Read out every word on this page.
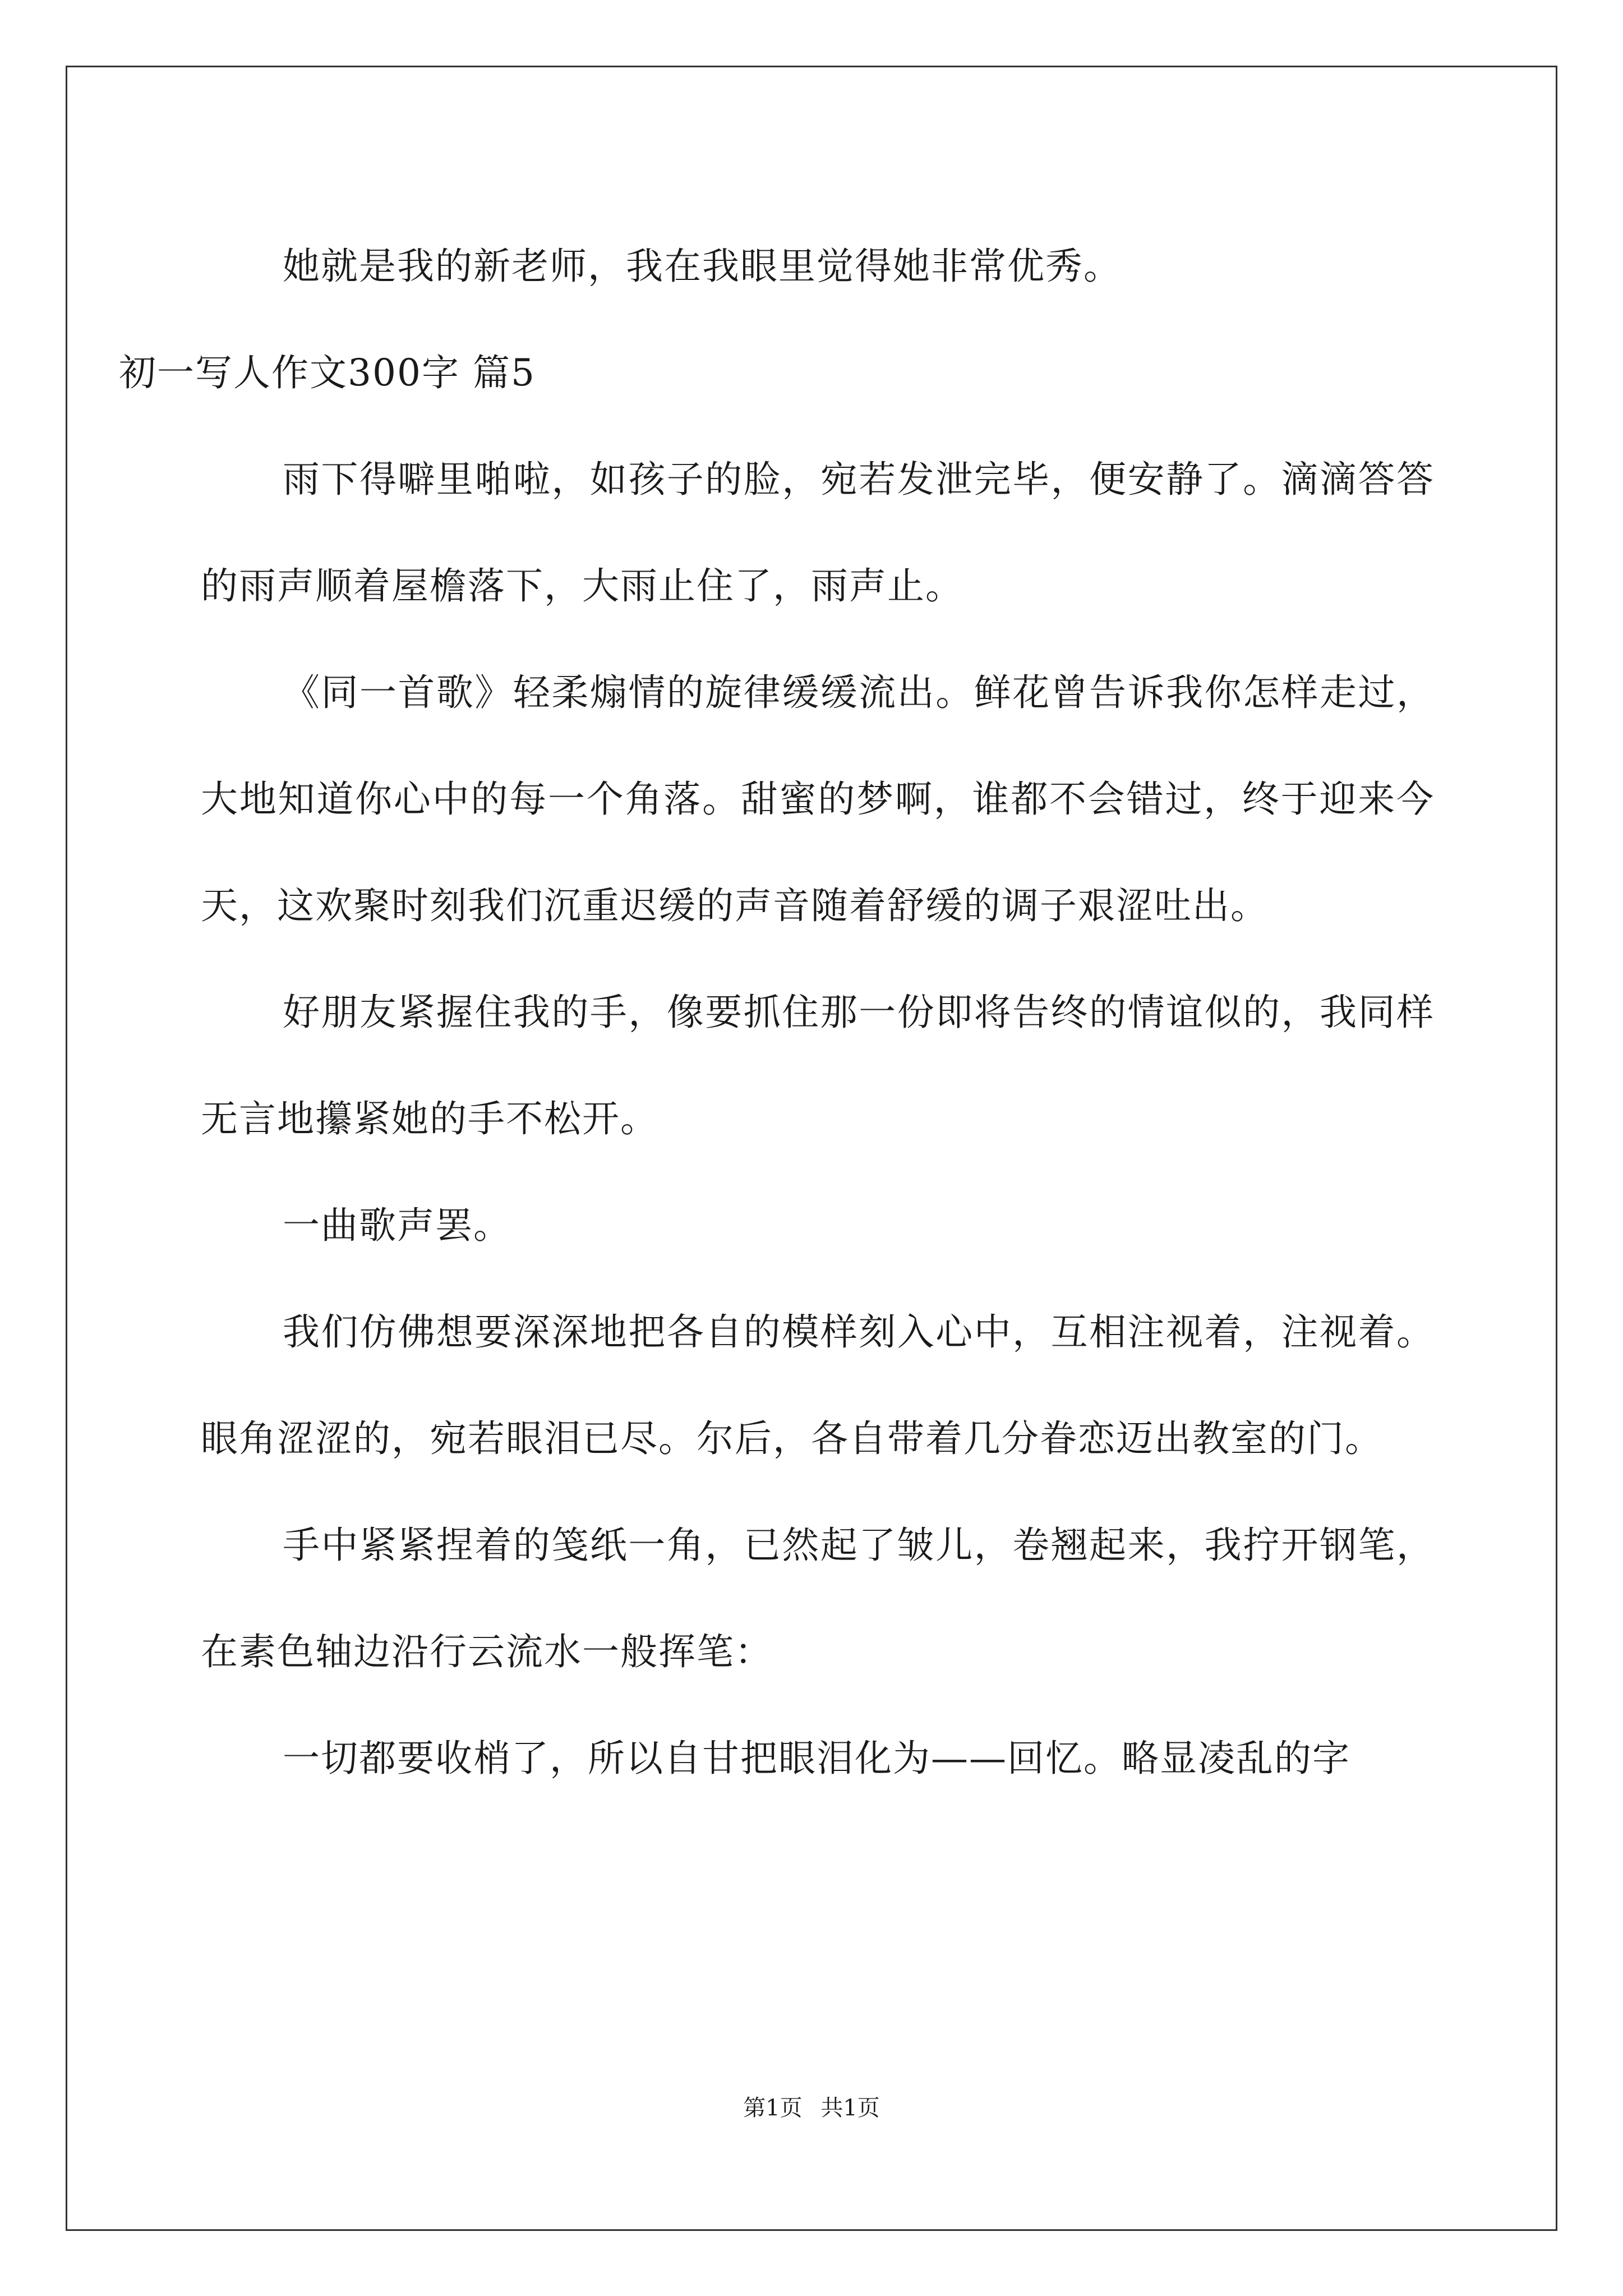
她就是我的新老师，我在我眼里觉得她非常优秀。

初一写人作文300字 篇5

雨下得噼里啪啦，如孩子的脸，宛若发泄完毕，便安静了。滴滴答答的雨声顺着屋檐落下，大雨止住了，雨声止。

《同一首歌》轻柔煽情的旋律缓缓流出。鲜花曾告诉我你怎样走过，大地知道你心中的每一个角落。甜蜜的梦啊，谁都不会错过，终于迎来今天，这欢聚时刻我们沉重迟缓的声音随着舒缓的调子艰涩吐出。

好朋友紧握住我的手，像要抓住那一份即将告终的情谊似的，我同样无言地攥紧她的手不松开。

一曲歌声罢。

我们仿佛想要深深地把各自的模样刻入心中，互相注视着，注视着。眼角涩涩的，宛若眼泪已尽。尔后，各自带着几分眷恋迈出教室的门。

手中紧紧捏着的笺纸一角，已然起了皱儿，卷翘起来，我拧开钢笔，在素色轴边沿行云流水一般挥笔：

一切都要收梢了，所以自甘把眼泪化为——回忆。略显凌乱的字

第1页 共1页
